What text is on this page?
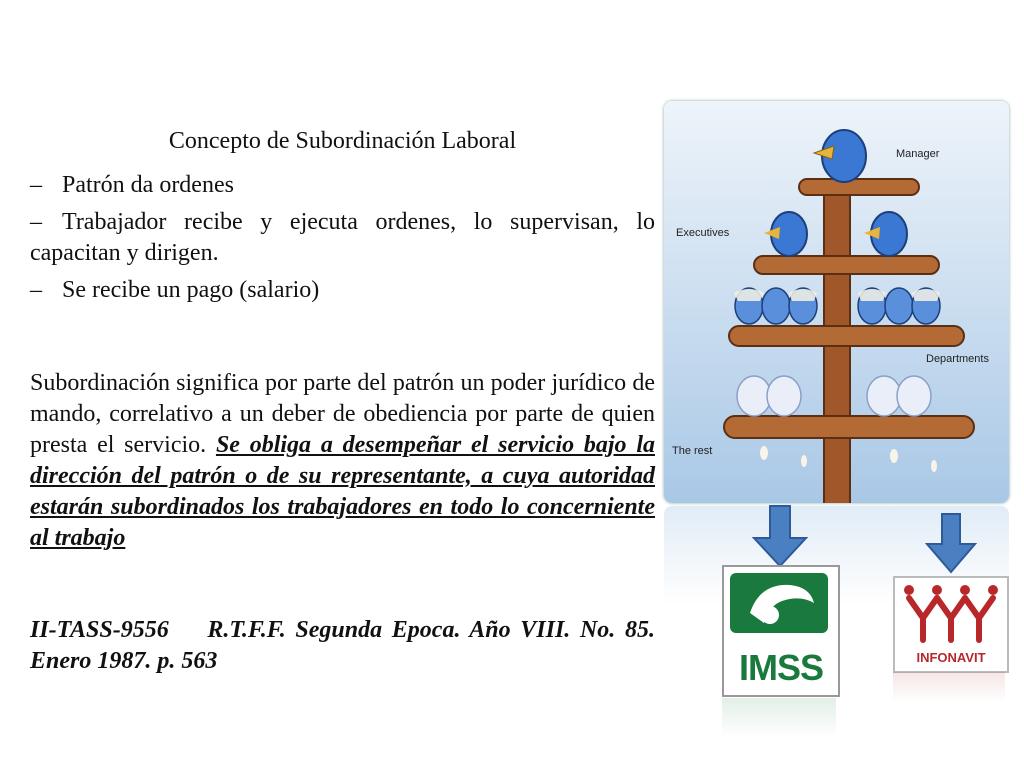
Concepto de Subordinación Laboral
– Patrón da ordenes
– Trabajador recibe y ejecuta ordenes, lo supervisan, lo capacitan y dirigen.
– Se recibe un pago (salario)
Subordinación significa por parte del patrón un poder jurídico de mando, correlativo a un deber de obediencia por parte de quien presta el servicio. Se obliga a desempeñar el servicio bajo la dirección del patrón o de su representante, a cuya autoridad estarán subordinados los trabajadores en todo lo concerniente al trabajo
II-TASS-9556    R.T.F.F. Segunda Epoca. Año VIII. No. 85. Enero 1987. p. 563
Manager
Executives
Departments
The rest
IMSS	INFONAVIT
